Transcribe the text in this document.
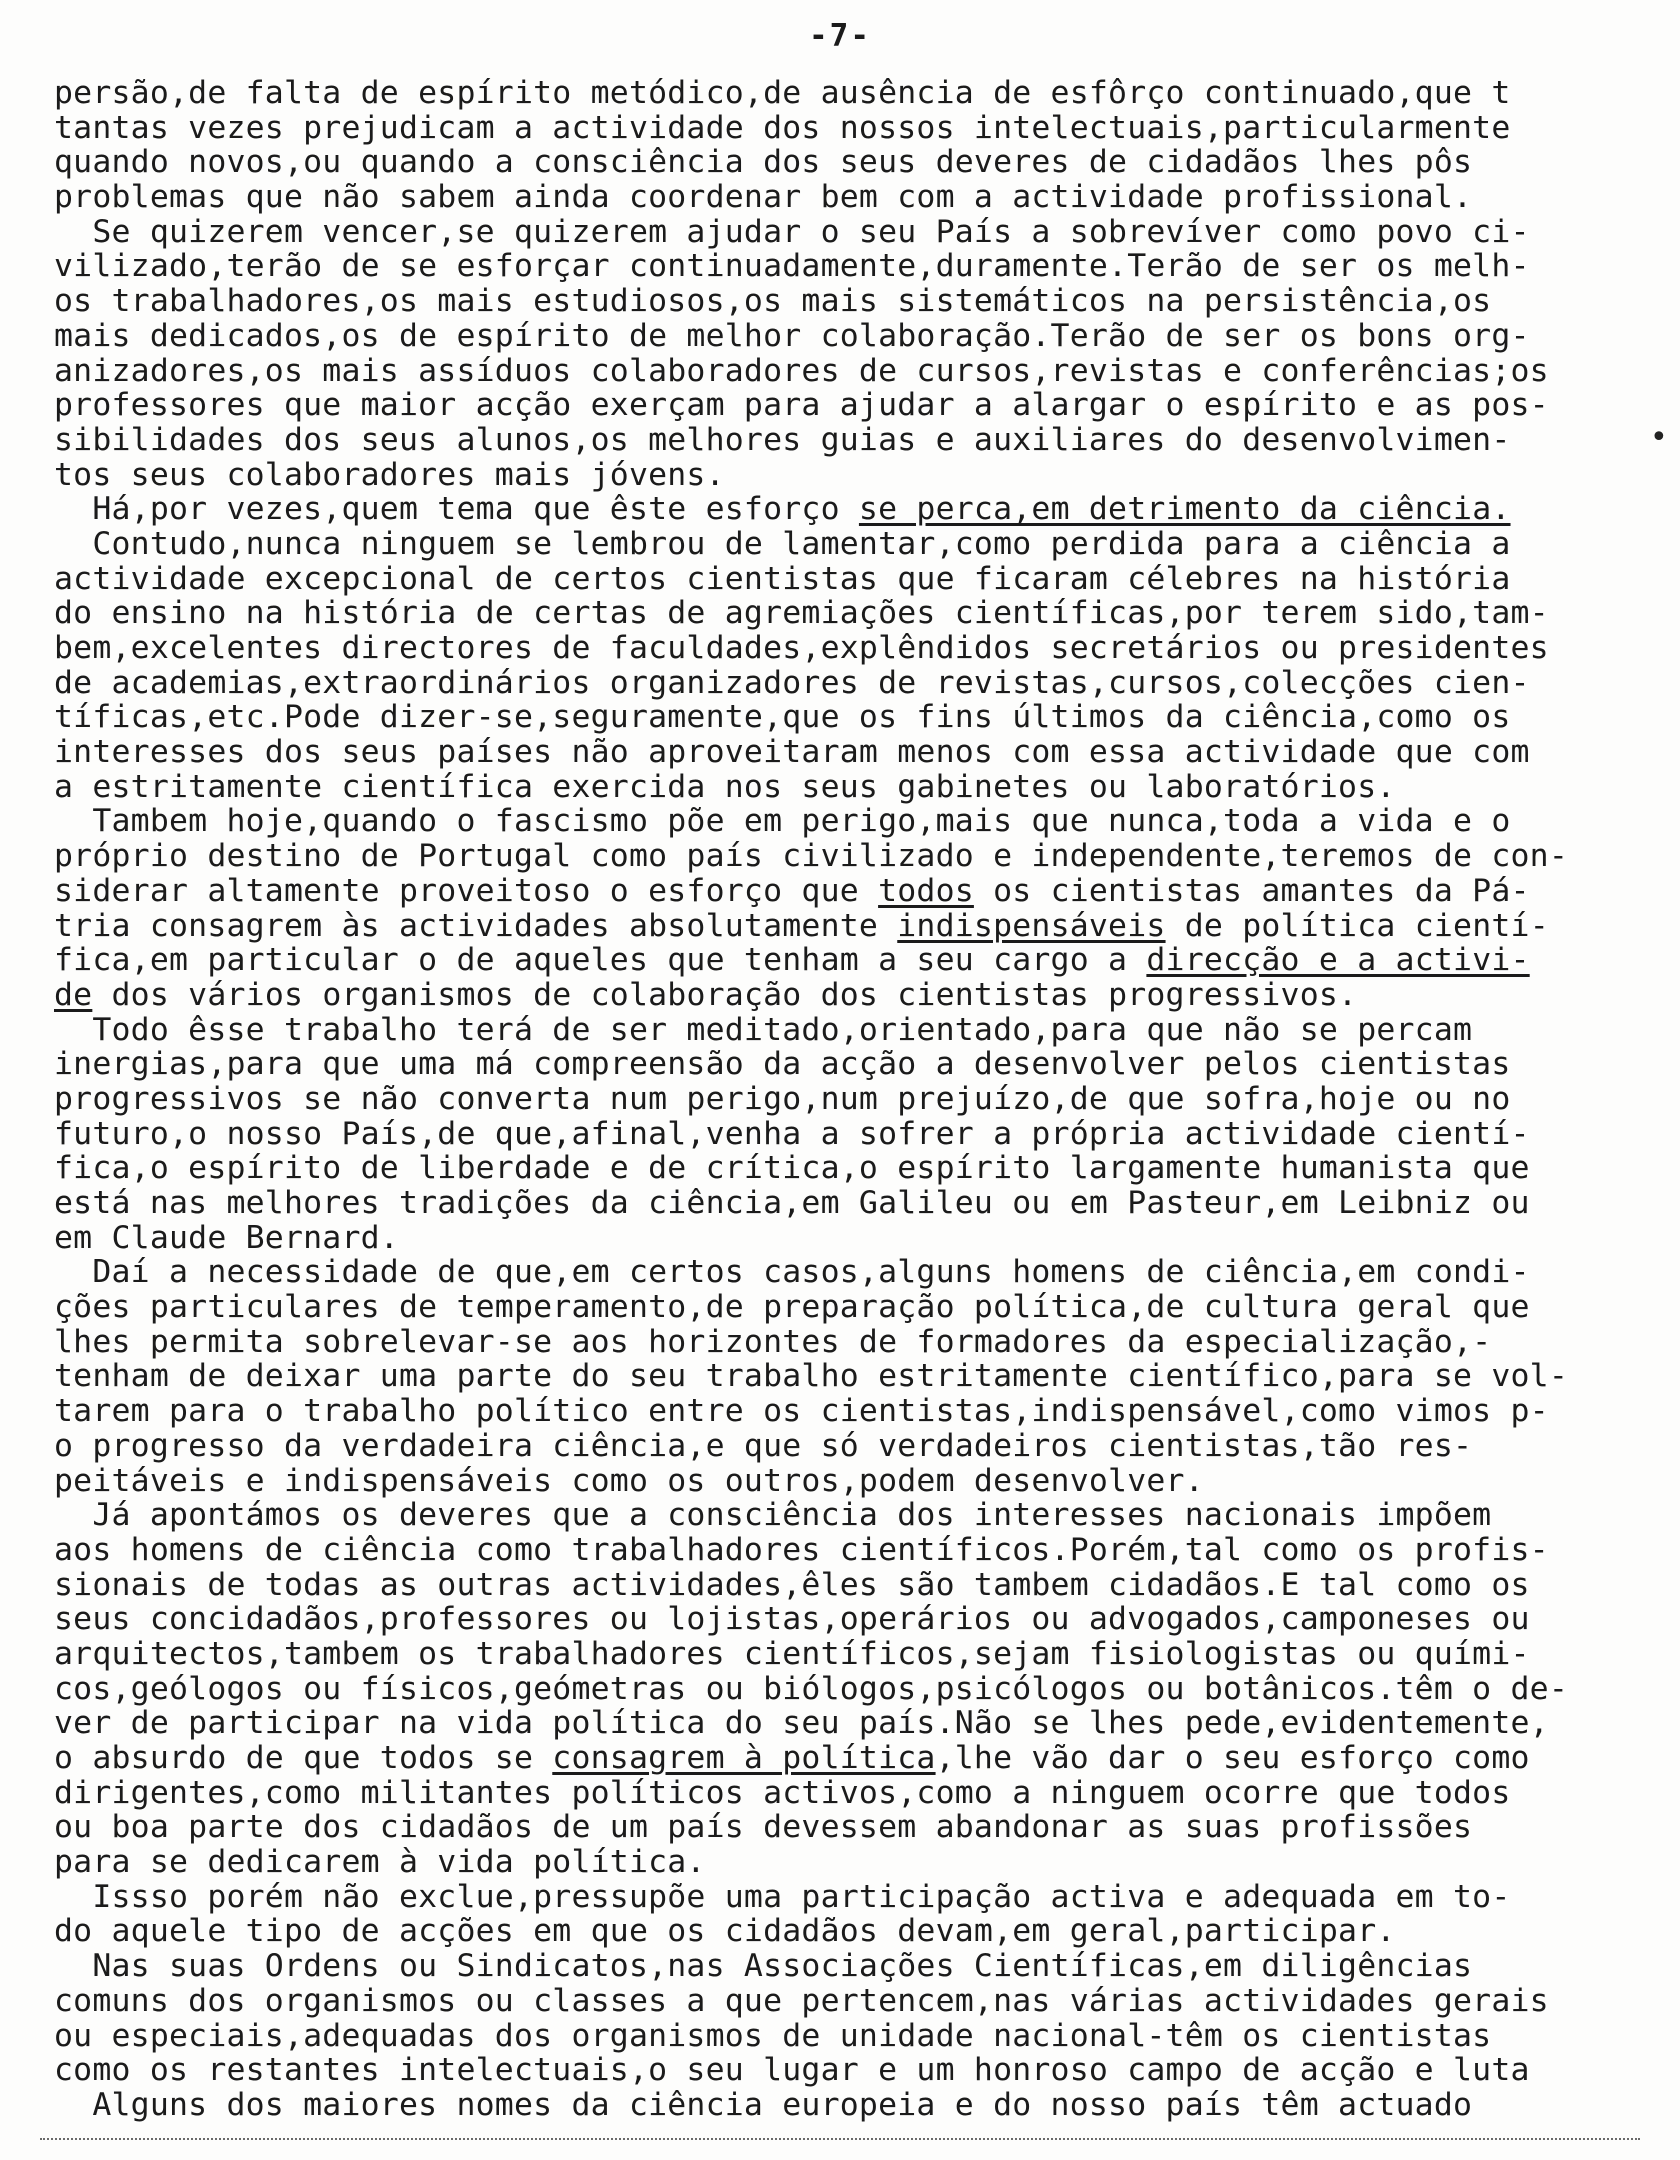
-7-
persão,de falta de espírito metódico,de ausência de esfôrço continuado,que t
tantas vezes prejudicam a actividade dos nossos intelectuais,particularmente
quando novos,ou quando a consciência dos seus deveres de cidadãos lhes pôs
problemas que não sabem ainda coordenar bem com a actividade profissional.
Se quizerem vencer,se quizerem ajudar o seu País a sobrevíver como povo ci-
vilizado,terão de se esforçar continuadamente,duramente.Terão de ser os melh-
os trabalhadores,os mais estudiosos,os mais sistemáticos na persistência,os
mais dedicados,os de espírito de melhor colaboração.Terão de ser os bons org-
anizadores,os mais assíduos colaboradores de cursos,revistas e conferências;os
professores que maior acção exerçam para ajudar a alargar o espírito e as pos-
sibilidades dos seus alunos,os melhores guias e auxiliares do desenvolvimen-
tos seus colaboradores mais jóvens.
Há,por vezes,quem tema que êste esforço se perca,em detrimento da ciência.
Contudo,nunca ninguem se lembrou de lamentar,como perdida para a ciência a
actividade excepcional de certos cientistas que ficaram célebres na história
do ensino na história de certas de agremiações científicas,por terem sido,tam-
bem,excelentes directores de faculdades,explêndidos secretários ou presidentes
de academias,extraordinários organizadores de revistas,cursos,colecções cien-
tíficas,etc.Pode dizer-se,seguramente,que os fins últimos da ciência,como os
interesses dos seus países não aproveitaram menos com essa actividade que com
a estritamente científica exercida nos seus gabinetes ou laboratórios.
Tambem hoje,quando o fascismo põe em perigo,mais que nunca,toda a vida e o
próprio destino de Portugal como país civilizado e independente,teremos de con-
siderar altamente proveitoso o esforço que todos os cientistas amantes da Pá-
tria consagrem às actividades absolutamente indispensáveis de política cientí-
fica,em particular o de aqueles que tenham a seu cargo a direcção e a activi-
de dos vários organismos de colaboração dos cientistas progressivos.
Todo êsse trabalho terá de ser meditado,orientado,para que não se percam
inergias,para que uma má compreensão da acção a desenvolver pelos cientistas
progressivos se não converta num perigo,num prejuízo,de que sofra,hoje ou no
futuro,o nosso País,de que,afinal,venha a sofrer a própria actividade cientí-
fica,o espírito de liberdade e de crítica,o espírito largamente humanista que
está nas melhores tradições da ciência,em Galileu ou em Pasteur,em Leibniz ou
em Claude Bernard.
Daí a necessidade de que,em certos casos,alguns homens de ciência,em condi-
ções particulares de temperamento,de preparação política,de cultura geral que
lhes permita sobrelevar-se aos horizontes de formadores da especialização,-
tenham de deixar uma parte do seu trabalho estritamente científico,para se vol-
tarem para o trabalho político entre os cientistas,indispensável,como vimos p-
o progresso da verdadeira ciência,e que só verdadeiros cientistas,tão res-
peitáveis e indispensáveis como os outros,podem desenvolver.
Já apontámos os deveres que a consciência dos interesses nacionais impõem
aos homens de ciência como trabalhadores científicos.Porém,tal como os profis-
sionais de todas as outras actividades,êles são tambem cidadãos.E tal como os
seus concidadãos,professores ou lojistas,operários ou advogados,camponeses ou
arquitectos,tambem os trabalhadores científicos,sejam fisiologistas ou quími-
cos,geólogos ou físicos,geómetras ou biólogos,psicólogos ou botânicos.têm o de-
ver de participar na vida política do seu país.Não se lhes pede,evidentemente,
o absurdo de que todos se consagrem à política,lhe vão dar o seu esforço como
dirigentes,como militantes políticos activos,como a ninguem ocorre que todos
ou boa parte dos cidadãos de um país devessem abandonar as suas profissões
para se dedicarem à vida política.
Issso porém não exclue,pressupõe uma participação activa e adequada em to-
do aquele tipo de acções em que os cidadãos devam,em geral,participar.
Nas suas Ordens ou Sindicatos,nas Associações Científicas,em diligências
comuns dos organismos ou classes a que pertencem,nas várias actividades gerais
ou especiais,adequadas dos organismos de unidade nacional-têm os cientistas
como os restantes intelectuais,o seu lugar e um honroso campo de acção e luta
Alguns dos maiores nomes da ciência europeia e do nosso país têm actuado
•
